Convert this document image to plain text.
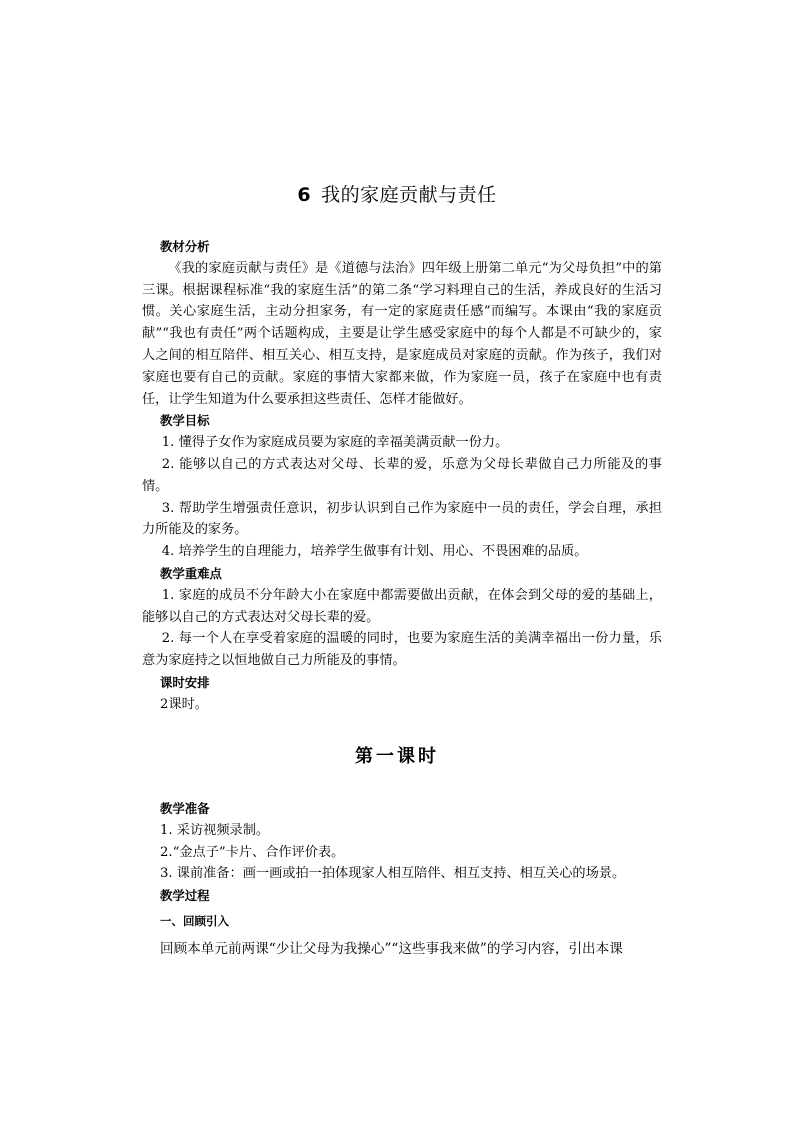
6 我的家庭贡献与责任
教材分析
《我的家庭贡献与责任》是《道德与法治》四年级上册第二单元“为父母负担”中的第三课。根据课程标准“我的家庭生活”的第二条“学习料理自己的生活，养成良好的生活习惯。关心家庭生活，主动分担家务，有一定的家庭责任感”而编写。本课由“我的家庭贡献”“我也有责任”两个话题构成，主要是让学生感受家庭中的每个人都是不可缺少的，家人之间的相互陪伴、相互关心、相互支持，是家庭成员对家庭的贡献。作为孩子，我们对家庭也要有自己的贡献。家庭的事情大家都来做，作为家庭一员，孩子在家庭中也有责任，让学生知道为什么要承担这些责任、怎样才能做好。
教学目标
1. 懂得子女作为家庭成员要为家庭的幸福美满贡献一份力。
2. 能够以自己的方式表达对父母、长辈的爱，乐意为父母长辈做自己力所能及的事情。
3. 帮助学生增强责任意识，初步认识到自己作为家庭中一员的责任，学会自理，承担力所能及的家务。
4. 培养学生的自理能力，培养学生做事有计划、用心、不畏困难的品质。
教学重难点
1. 家庭的成员不分年龄大小在家庭中都需要做出贡献，在体会到父母的爱的基础上，能够以自己的方式表达对父母长辈的爱。
2. 每一个人在享受着家庭的温暖的同时，也要为家庭生活的美满幸福出一份力量，乐意为家庭持之以恒地做自己力所能及的事情。
课时安排
2课时。
第一课时
教学准备
1. 采访视频录制。
2.“金点子”卡片、合作评价表。
3. 课前准备：画一画或拍一拍体现家人相互陪伴、相互支持、相互关心的场景。
教学过程
一、回顾引入
回顾本单元前两课“少让父母为我操心”“这些事我来做”的学习内容，引出本课
